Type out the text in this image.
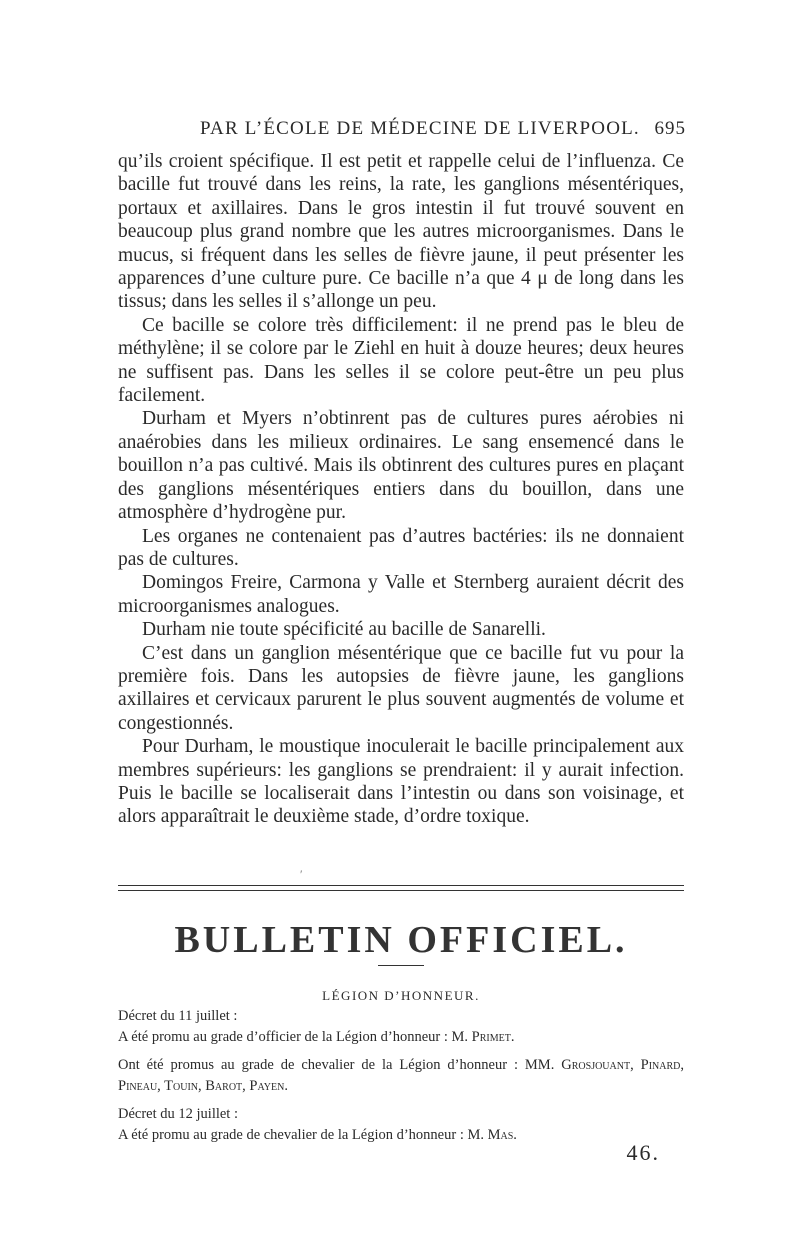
PAR L’ÉCOLE DE MÉDECINE DE LIVERPOOL. 695

qu’ils croient spécifique. Il est petit et rappelle celui de l’influenza. Ce bacille fut trouvé dans les reins, la rate, les ganglions mésentériques, portaux et axillaires. Dans le gros intestin il fut trouvé souvent en beaucoup plus grand nombre que les autres microorganismes. Dans le mucus, si fréquent dans les selles de fièvre jaune, il peut présenter les apparences d’une culture pure. Ce bacille n’a que 4 μ de long dans les tissus; dans les selles il s’allonge un peu.

Ce bacille se colore très difficilement: il ne prend pas le bleu de méthylène; il se colore par le Ziehl en huit à douze heures; deux heures ne suffisent pas. Dans les selles il se colore peut-être un peu plus facilement.

Durham et Myers n’obtinrent pas de cultures pures aérobies ni anaérobies dans les milieux ordinaires. Le sang ensemencé dans le bouillon n’a pas cultivé. Mais ils obtinrent des cultures pures en plaçant des ganglions mésentériques entiers dans du bouillon, dans une atmosphère d’hydrogène pur.

Les organes ne contenaient pas d’autres bactéries: ils ne donnaient pas de cultures.

Domingos Freire, Carmona y Valle et Sternberg auraient décrit des microorganismes analogues.

Durham nie toute spécificité au bacille de Sanarelli.

C’est dans un ganglion mésentérique que ce bacille fut vu pour la première fois. Dans les autopsies de fièvre jaune, les ganglions axillaires et cervicaux parurent le plus souvent augmentés de volume et congestionnés.

Pour Durham, le moustique inoculerait le bacille principalement aux membres supérieurs: les ganglions se prendraient: il y aurait infection. Puis le bacille se localiserait dans l’intestin ou dans son voisinage, et alors apparaîtrait le deuxième stade, d’ordre toxique.

′
BULLETIN OFFICIEL.
LÉGION D’HONNEUR.

Décret du 11 juillet :

A été promu au grade d’officier de la Légion d’honneur : M. Primet.

Ont été promus au grade de chevalier de la Légion d’honneur : MM. Grosjouant, Pinard, Pineau, Touin, Barot, Payen.

Décret du 12 juillet :

A été promu au grade de chevalier de la Légion d’honneur : M. Mas.

46.
